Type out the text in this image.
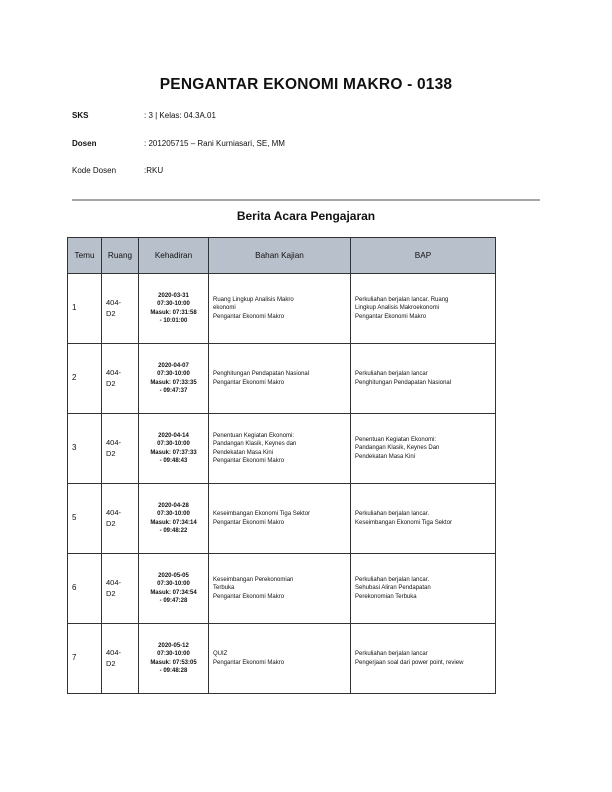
PENGANTAR EKONOMI MAKRO - 0138
SKS	: 3 | Kelas: 04.3A.01
Dosen	: 201205715 – Rani Kurniasari, SE, MM
Kode Dosen	:RKU
Berita Acara Pengajaran
Temu	Ruang	Kehadiran	Bahan Kajian	BAP
1	404-
D2	2020-03-31
07:30-10:00
Masuk: 07:31:58
- 10:01:00	Ruang Lingkup Analisis Makro
ekonomi
Pengantar Ekonomi Makro	Perkuliahan berjalan lancar. Ruang
Lingkup Analisis Makroekonomi
Pengantar Ekonomi Makro

2	404-
D2	2020-04-07
07:30-10:00
Masuk: 07:33:35
- 09:47:37	Penghitungan Pendapatan Nasional
Pengantar Ekonomi Makro	Perkuliahan berjalan lancar
Penghitungan Pendapatan Nasional

3	404-
D2	2020-04-14
07:30-10:00
Masuk: 07:37:33
- 09:48:43	Penentuan Kegiatan Ekonomi:
Pandangan Klasik, Keynes dan
Pendekatan Masa Kini
Pengantar Ekonomi Makro	Penentuan Kegiatan Ekonomi:
Pandangan Klasik, Keynes Dan
Pendekatan Masa Kini

5	404-
D2	2020-04-28
07:30-10:00
Masuk: 07:34:14
- 09:48:22	Keseimbangan Ekonomi Tiga Sektor
Pengantar Ekonomi Makro	Perkuliahan berjalan lancar.
Keseimbangan Ekonomi Tiga Sektor

6	404-
D2	2020-05-05
07:30-10:00
Masuk: 07:34:54
- 09:47:28	Keseimbangan Perekonomian
Terbuka
Pengantar Ekonomi Makro	Perkuliahan berjalan lancar.
Sehubasi Aliran Pendapatan
Perekonomian Terbuka

7	404-
D2	2020-05-12
07:30-10:00
Masuk: 07:53:05
- 09:48:28	QUIZ
Pengantar Ekonomi Makro	Perkuliahan berjalan lancar
Pengerjaan soal dari power point, review
